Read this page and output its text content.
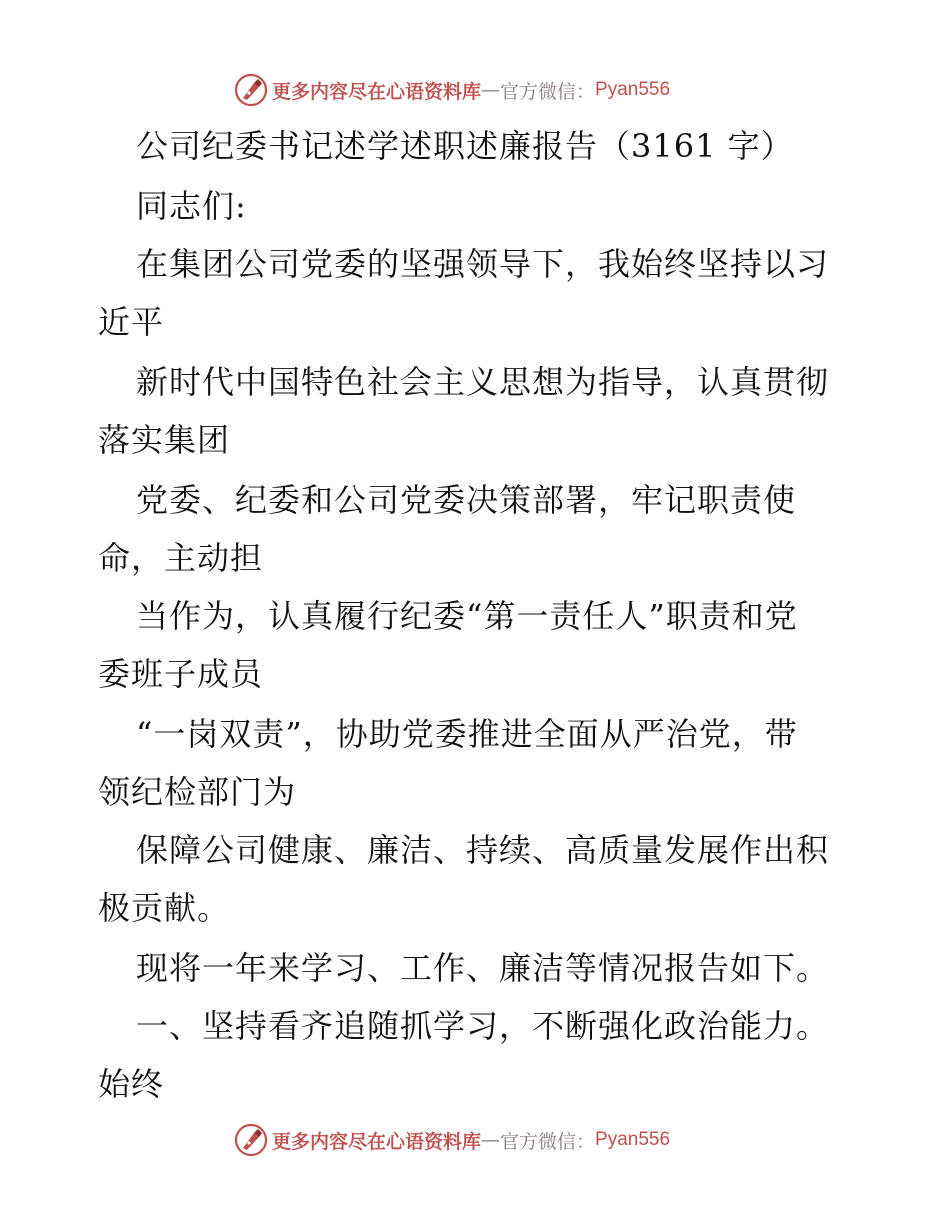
更多内容尽在心语资料库 — 官方微信： Pyan556
公司纪委书记述学述职述廉报告（3161 字）
同志们:
在集团公司党委的坚强领导下，我始终坚持以习
近平
新时代中国特色社会主义思想为指导，认真贯彻
落实集团
党委、纪委和公司党委决策部署，牢记职责使
命，主动担
当作为，认真履行纪委“第一责任人”职责和党
委班子成员
“一岗双责”，协助党委推进全面从严治党，带
领纪检部门为
保障公司健康、廉洁、持续、高质量发展作出积
极贡献。
现将一年来学习、工作、廉洁等情况报告如下。
一、坚持看齐追随抓学习，不断强化政治能力。
始终
更多内容尽在心语资料库 — 官方微信： Pyan556
